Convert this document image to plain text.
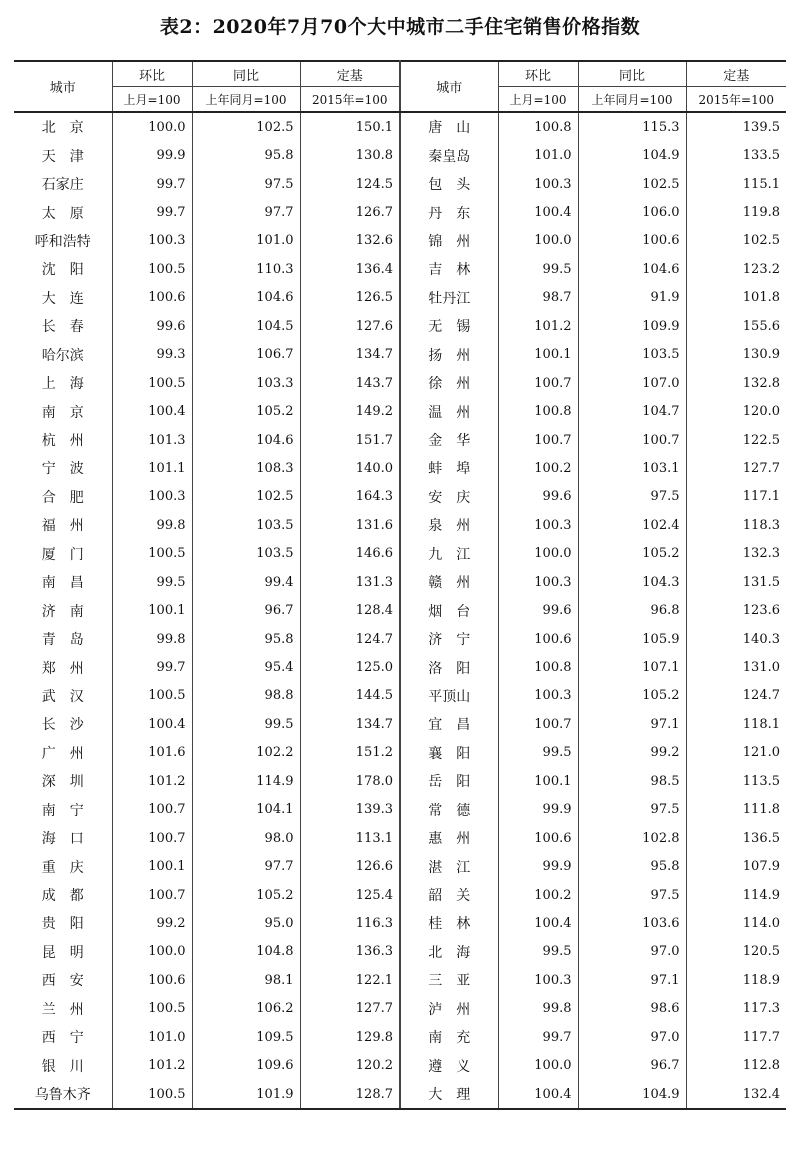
表2：2020年7月70个大中城市二手住宅销售价格指数
城市	环比	同比	定基	城市	环比	同比	定基
	上月=100	上年同月=100	2015年=100		上月=100	上年同月=100	2015年=100
北　京	100.0	102.5	150.1	唐　山	100.8	115.3	139.5
天　津	99.9	95.8	130.8	秦皇岛	101.0	104.9	133.5
石家庄	99.7	97.5	124.5	包　头	100.3	102.5	115.1
太　原	99.7	97.7	126.7	丹　东	100.4	106.0	119.8
呼和浩特	100.3	101.0	132.6	锦　州	100.0	100.6	102.5
沈　阳	100.5	110.3	136.4	吉　林	99.5	104.6	123.2
大　连	100.6	104.6	126.5	牡丹江	98.7	91.9	101.8
长　春	99.6	104.5	127.6	无　锡	101.2	109.9	155.6
哈尔滨	99.3	106.7	134.7	扬　州	100.1	103.5	130.9
上　海	100.5	103.3	143.7	徐　州	100.7	107.0	132.8
南　京	100.4	105.2	149.2	温　州	100.8	104.7	120.0
杭　州	101.3	104.6	151.7	金　华	100.7	100.7	122.5
宁　波	101.1	108.3	140.0	蚌　埠	100.2	103.1	127.7
合　肥	100.3	102.5	164.3	安　庆	99.6	97.5	117.1
福　州	99.8	103.5	131.6	泉　州	100.3	102.4	118.3
厦　门	100.5	103.5	146.6	九　江	100.0	105.2	132.3
南　昌	99.5	99.4	131.3	赣　州	100.3	104.3	131.5
济　南	100.1	96.7	128.4	烟　台	99.6	96.8	123.6
青　岛	99.8	95.8	124.7	济　宁	100.6	105.9	140.3
郑　州	99.7	95.4	125.0	洛　阳	100.8	107.1	131.0
武　汉	100.5	98.8	144.5	平顶山	100.3	105.2	124.7
长　沙	100.4	99.5	134.7	宜　昌	100.7	97.1	118.1
广　州	101.6	102.2	151.2	襄　阳	99.5	99.2	121.0
深　圳	101.2	114.9	178.0	岳　阳	100.1	98.5	113.5
南　宁	100.7	104.1	139.3	常　德	99.9	97.5	111.8
海　口	100.7	98.0	113.1	惠　州	100.6	102.8	136.5
重　庆	100.1	97.7	126.6	湛　江	99.9	95.8	107.9
成　都	100.7	105.2	125.4	韶　关	100.2	97.5	114.9
贵　阳	99.2	95.0	116.3	桂　林	100.4	103.6	114.0
昆　明	100.0	104.8	136.3	北　海	99.5	97.0	120.5
西　安	100.6	98.1	122.1	三　亚	100.3	97.1	118.9
兰　州	100.5	106.2	127.7	泸　州	99.8	98.6	117.3
西　宁	101.0	109.5	129.8	南　充	99.7	97.0	117.7
银　川	101.2	109.6	120.2	遵　义	100.0	96.7	112.8
乌鲁木齐	100.5	101.9	128.7	大　理	100.4	104.9	132.4
